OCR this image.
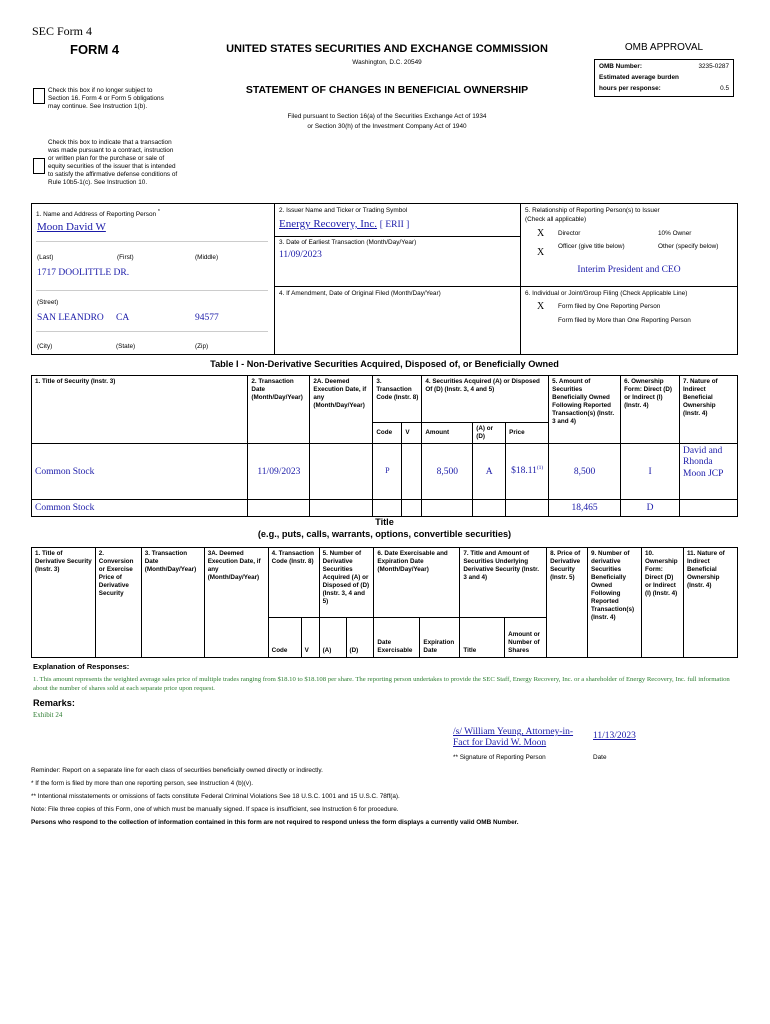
SEC Form 4
FORM 4	UNITED STATES SECURITIES AND EXCHANGE COMMISSION
Washington, D.C. 20549
STATEMENT OF CHANGES IN BENEFICIAL OWNERSHIP
Filed pursuant to Section 16(a) of the Securities Exchange Act of 1934
or Section 30(h) of the Investment Company Act of 1940
Check this box if no longer subject to Section 16. Form 4 or Form 5 obligations may continue. See Instruction 1(b).
Check this box to indicate that a transaction was made pursuant to a contract, instruction or written plan for the purchase or sale of equity securities of the issuer that is intended to satisfy the affirmative defense conditions of Rule 10b5-1(c). See Instruction 10.
OMB APPROVAL
OMB Number:	3235-0287
Estimated average burden
hours per response:	0.5
1. Name and Address of Reporting Person *
Moon David W
(Last)	(First)	(Middle)
1717 DOOLITTLE DR.
(Street)
SAN LEANDRO CA	94577
(City)	(State)	(Zip)
2. Issuer Name and Ticker or Trading Symbol
Energy Recovery, Inc. [ ERII ]
3. Date of Earliest Transaction (Month/Day/Year)
11/09/2023
4. If Amendment, Date of Original Filed (Month/Day/Year)
5. Relationship of Reporting Person(s) to Issuer
(Check all applicable)
X Director	10% Owner
X
Officer (give title below)	Other (specify below)
Interim President and CEO
6. Individual or Joint/Group Filing (Check Applicable Line)
X Form filed by One Reporting Person
Form filed by More than One Reporting Person
Table I - Non-Derivative Securities Acquired, Disposed of, or Beneficially Owned
1. Title of Security (Instr. 3)	2. Transaction Date (Month/Day/Year)	2A. Deemed Execution Date, if any (Month/Day/Year)	3. Transaction Code (Instr. 8)		4. Securities Acquired (A) or Disposed Of (D) (Instr. 3, 4 and 5)			5. Amount of Securities Beneficially Owned Following Reported Transaction(s) (Instr. 3 and 4)	6. Ownership Form: Direct (D) or Indirect (I) (Instr. 4)	7. Nature of Indirect Beneficial Ownership (Instr. 4)
			Code	V	Amount	(A) or (D)	Price			
Common Stock	11/09/2023		P		8,500	A	$18.11$^{(1)}$	8,500	I	David and Rhonda Moon JCP
Common Stock								18,465	D	
Title
(e.g., puts, calls, warrants, options, convertible securities)
1. Title of Derivative Security (Instr. 3)	2. Conversion or Exercise Price of Derivative Security	3. Transaction Date (Month/Day/Year)	3A. Deemed Execution Date, if any (Month/Day/Year)	4. Transaction Code (Instr. 8)		5. Number of Derivative Securities Acquired (A) or Disposed of (D) (Instr. 3, 4 and 5)		6. Date Exercisable and Expiration Date (Month/Day/Year)		7. Title and Amount of Securities Underlying Derivative Security (Instr. 3 and 4)		8. Price of Derivative Security (Instr. 5)	9. Number of derivative Securities Beneficially Owned Following Reported Transaction(s) (Instr. 4)	10. Ownership Form: Direct (D) or Indirect (I) (Instr. 4)	11. Nature of Indirect Beneficial Ownership (Instr. 4)
				Code	V	(A)	(D)	Date Exercisable	Expiration Date	Title	Amount or Number of Shares				
Explanation of Responses:
1. This amount represents the weighted average sales price of multiple trades ranging from $18.10 to $18.108 per share. The reporting person undertakes to provide the SEC Staff, Energy Recovery, Inc. or a shareholder of Energy Recovery, Inc. full information about the number of shares sold at each separate price upon request.
Remarks:
Exhibit 24
/s/ William Yeung, Attorney-in-Fact for David W. Moon
11/13/2023
** Signature of Reporting Person	Date
Reminder: Report on a separate line for each class of securities beneficially owned directly or indirectly.
* If the form is filed by more than one reporting person, see Instruction 4 (b)(v).
** Intentional misstatements or omissions of facts constitute Federal Criminal Violations See 18 U.S.C. 1001 and 15 U.S.C. 78ff(a).
Note: File three copies of this Form, one of which must be manually signed. If space is insufficient, see Instruction 6 for procedure.
Persons who respond to the collection of information contained in this form are not required to respond unless the form displays a currently valid OMB Number.
